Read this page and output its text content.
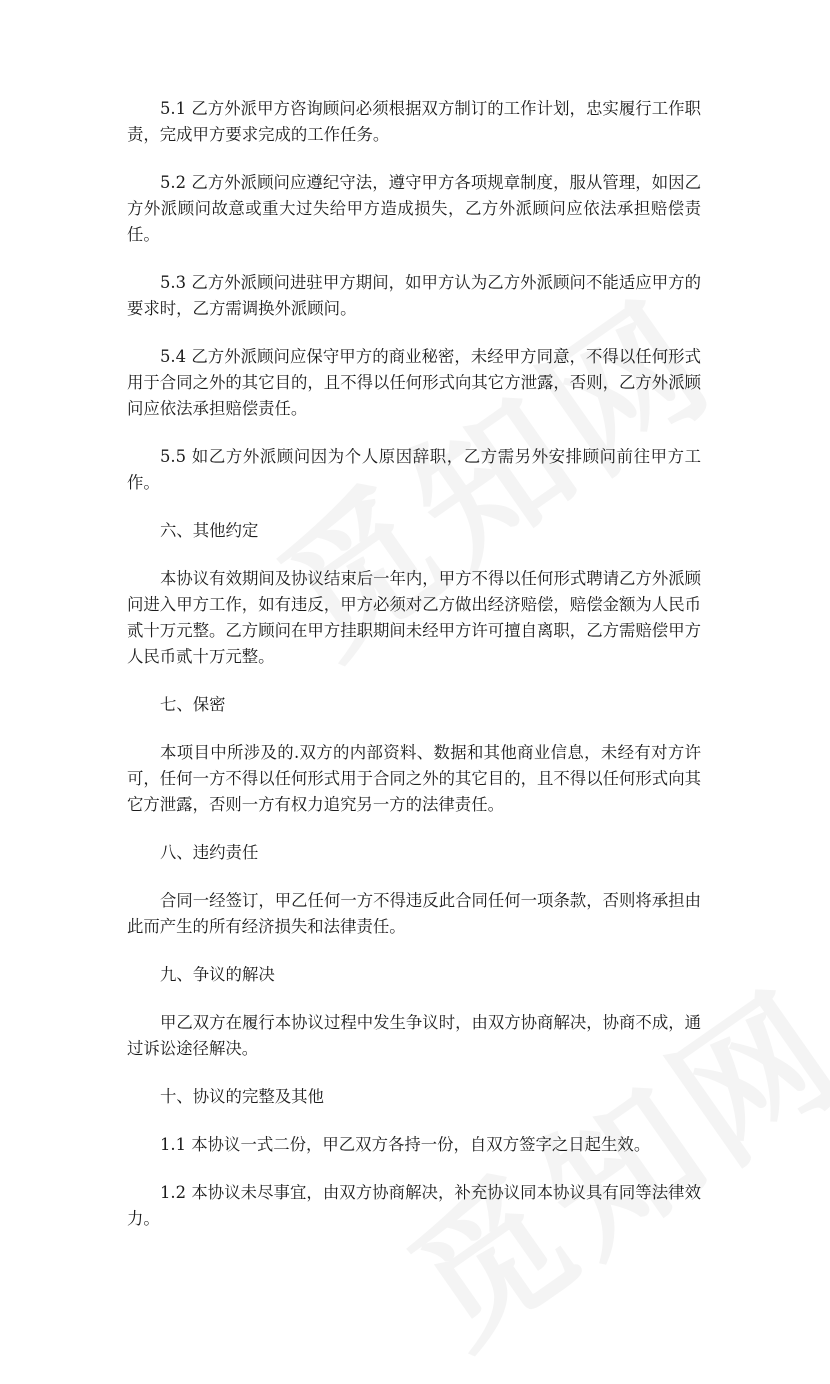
5.1 乙方外派甲方咨询顾问必须根据双方制订的工作计划，忠实履行工作职责，完成甲方要求完成的工作任务。

5.2 乙方外派顾问应遵纪守法，遵守甲方各项规章制度，服从管理，如因乙方外派顾问故意或重大过失给甲方造成损失，乙方外派顾问应依法承担赔偿责任。

5.3 乙方外派顾问进驻甲方期间，如甲方认为乙方外派顾问不能适应甲方的要求时，乙方需调换外派顾问。

5.4 乙方外派顾问应保守甲方的商业秘密，未经甲方同意，不得以任何形式用于合同之外的其它目的，且不得以任何形式向其它方泄露，否则，乙方外派顾问应依法承担赔偿责任。

5.5 如乙方外派顾问因为个人原因辞职，乙方需另外安排顾问前往甲方工作。

六、其他约定

本协议有效期间及协议结束后一年内，甲方不得以任何形式聘请乙方外派顾问进入甲方工作，如有违反，甲方必须对乙方做出经济赔偿，赔偿金额为人民币贰十万元整。乙方顾问在甲方挂职期间未经甲方许可擅自离职，乙方需赔偿甲方人民币贰十万元整。

七、保密

本项目中所涉及的.双方的内部资料、数据和其他商业信息，未经有对方许可，任何一方不得以任何形式用于合同之外的其它目的，且不得以任何形式向其它方泄露，否则一方有权力追究另一方的法律责任。

八、违约责任

合同一经签订，甲乙任何一方不得违反此合同任何一项条款，否则将承担由此而产生的所有经济损失和法律责任。

九、争议的解决

甲乙双方在履行本协议过程中发生争议时，由双方协商解决，协商不成，通过诉讼途径解决。

十、协议的完整及其他

1.1 本协议一式二份，甲乙双方各持一份，自双方签字之日起生效。

1.2 本协议未尽事宜，由双方协商解决，补充协议同本协议具有同等法律效力。
